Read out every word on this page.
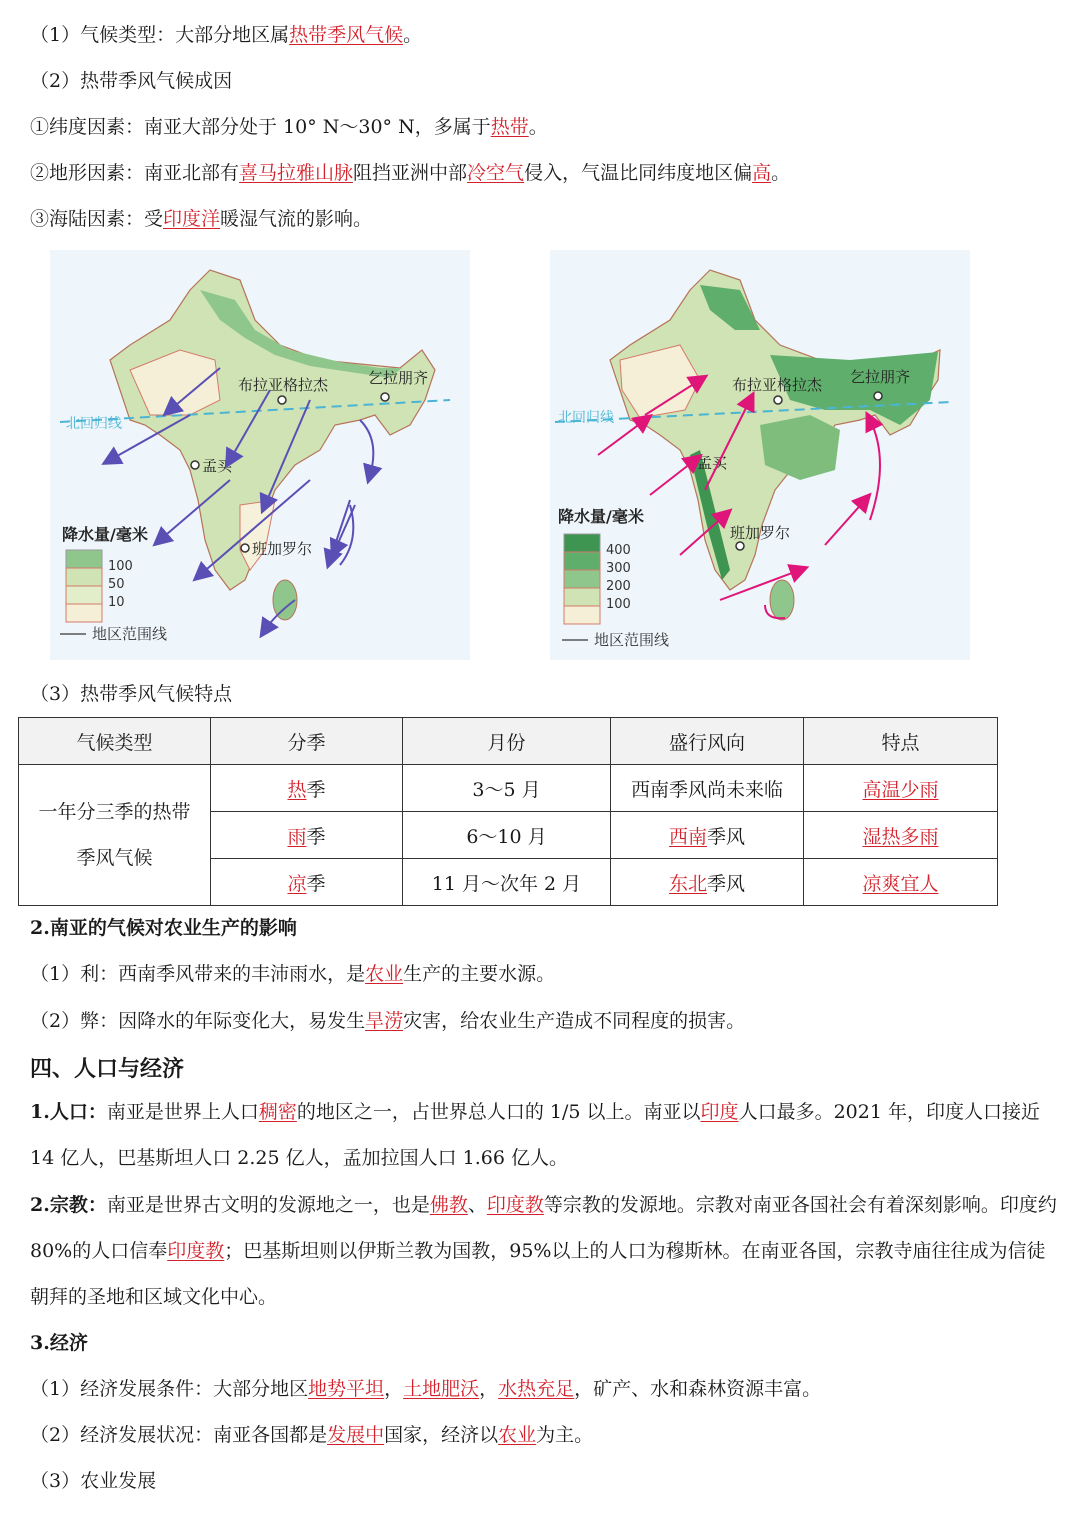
（1）气候类型：大部分地区属热带季风气候。
（2）热带季风气候成因
①纬度因素：南亚大部分处于 10° N～30° N，多属于热带。
②地形因素：南亚北部有喜马拉雅山脉阻挡亚洲中部冷空气侵入，气温比同纬度地区偏高。
③海陆因素：受印度洋暖湿气流的影响。
北回归线
布拉亚格拉杰	乞拉朋齐
孟买
班加罗尔
降水量/毫米
100
50
10
地区范围线
北回归线
布拉亚格拉杰 乞拉朋齐
孟买
班加罗尔
降水量/毫米
400
300
200
100
地区范围线
（3）热带季风气候特点
气候类型	分季	月份	盛行风向	特点

一年分三季的热带
季风气候	热季	3～5 月	西南季风尚未来临	高温少雨
	雨季	6～10 月	西南季风	湿热多雨
	凉季	11 月～次年 2 月	东北季风	凉爽宜人
2.南亚的气候对农业生产的影响
（1）利：西南季风带来的丰沛雨水，是农业生产的主要水源。
（2）弊：因降水的年际变化大，易发生旱涝灾害，给农业生产造成不同程度的损害。
四、人口与经济
1.人口：南亚是世界上人口稠密的地区之一，占世界总人口的 1/5 以上。南亚以印度人口最多。2021 年，印度人口接近 14 亿人，巴基斯坦人口 2.25 亿人，孟加拉国人口 1.66 亿人。
2.宗教：南亚是世界古文明的发源地之一，也是佛教、印度教等宗教的发源地。宗教对南亚各国社会有着深刻影响。印度约 80%的人口信奉印度教；巴基斯坦则以伊斯兰教为国教，95%以上的人口为穆斯林。在南亚各国，宗教寺庙往往成为信徒朝拜的圣地和区域文化中心。
3.经济
（1）经济发展条件：大部分地区地势平坦，土地肥沃，水热充足，矿产、水和森林资源丰富。
（2）经济发展状况：南亚各国都是发展中国家，经济以农业为主。
（3）农业发展
